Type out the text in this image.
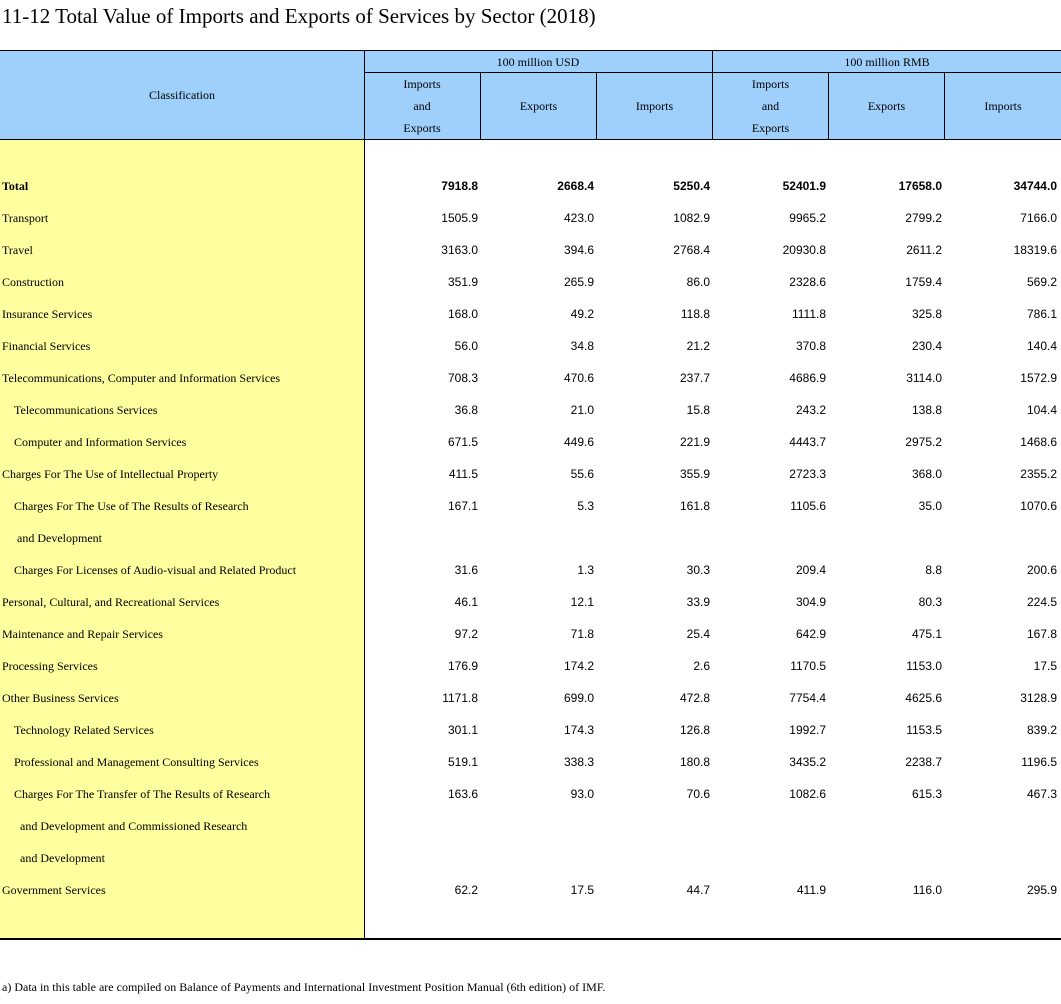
11-12 Total Value of Imports and Exports of Services by Sector (2018)
Classification
100 million USD	100 million RMB
Imports
and
Exports
Exports	Imports
Imports
and
Exports
Exports	Imports
Total	7918.8	2668.4	5250.4	52401.9	17658.0	34744.0
Transport	1505.9	423.0	1082.9	9965.2	2799.2	7166.0
Travel	3163.0	394.6	2768.4	20930.8	2611.2	18319.6
Construction	351.9	265.9	86.0	2328.6	1759.4	569.2
Insurance Services	168.0	49.2	118.8	1111.8	325.8	786.1
Financial Services	56.0	34.8	21.2	370.8	230.4	140.4
Telecommunications, Computer and Information Services	708.3	470.6	237.7	4686.9	3114.0	1572.9
Telecommunications Services	36.8	21.0	15.8	243.2	138.8	104.4
Computer and Information Services	671.5	449.6	221.9	4443.7	2975.2	1468.6
Charges For The Use of Intellectual Property	411.5	55.6	355.9	2723.3	368.0	2355.2
Charges For The Use of The Results of Research	167.1	5.3	161.8	1105.6	35.0	1070.6
and Development
Charges For Licenses of Audio-visual and Related Product	31.6	1.3	30.3	209.4	8.8	200.6
Personal, Cultural, and Recreational Services	46.1	12.1	33.9	304.9	80.3	224.5
Maintenance and Repair Services	97.2	71.8	25.4	642.9	475.1	167.8
Processing Services	176.9	174.2	2.6	1170.5	1153.0	17.5
Other Business Services	1171.8	699.0	472.8	7754.4	4625.6	3128.9
Technology Related Services	301.1	174.3	126.8	1992.7	1153.5	839.2
Professional and Management Consulting Services	519.1	338.3	180.8	3435.2	2238.7	1196.5
Charges For The Transfer of The Results of Research	163.6	93.0	70.6	1082.6	615.3	467.3
and Development and Commissioned Research
and Development
Government Services	62.2	17.5	44.7	411.9	116.0	295.9
a) Data in this table are compiled on Balance of Payments and International Investment Position Manual (6th edition) of IMF.
